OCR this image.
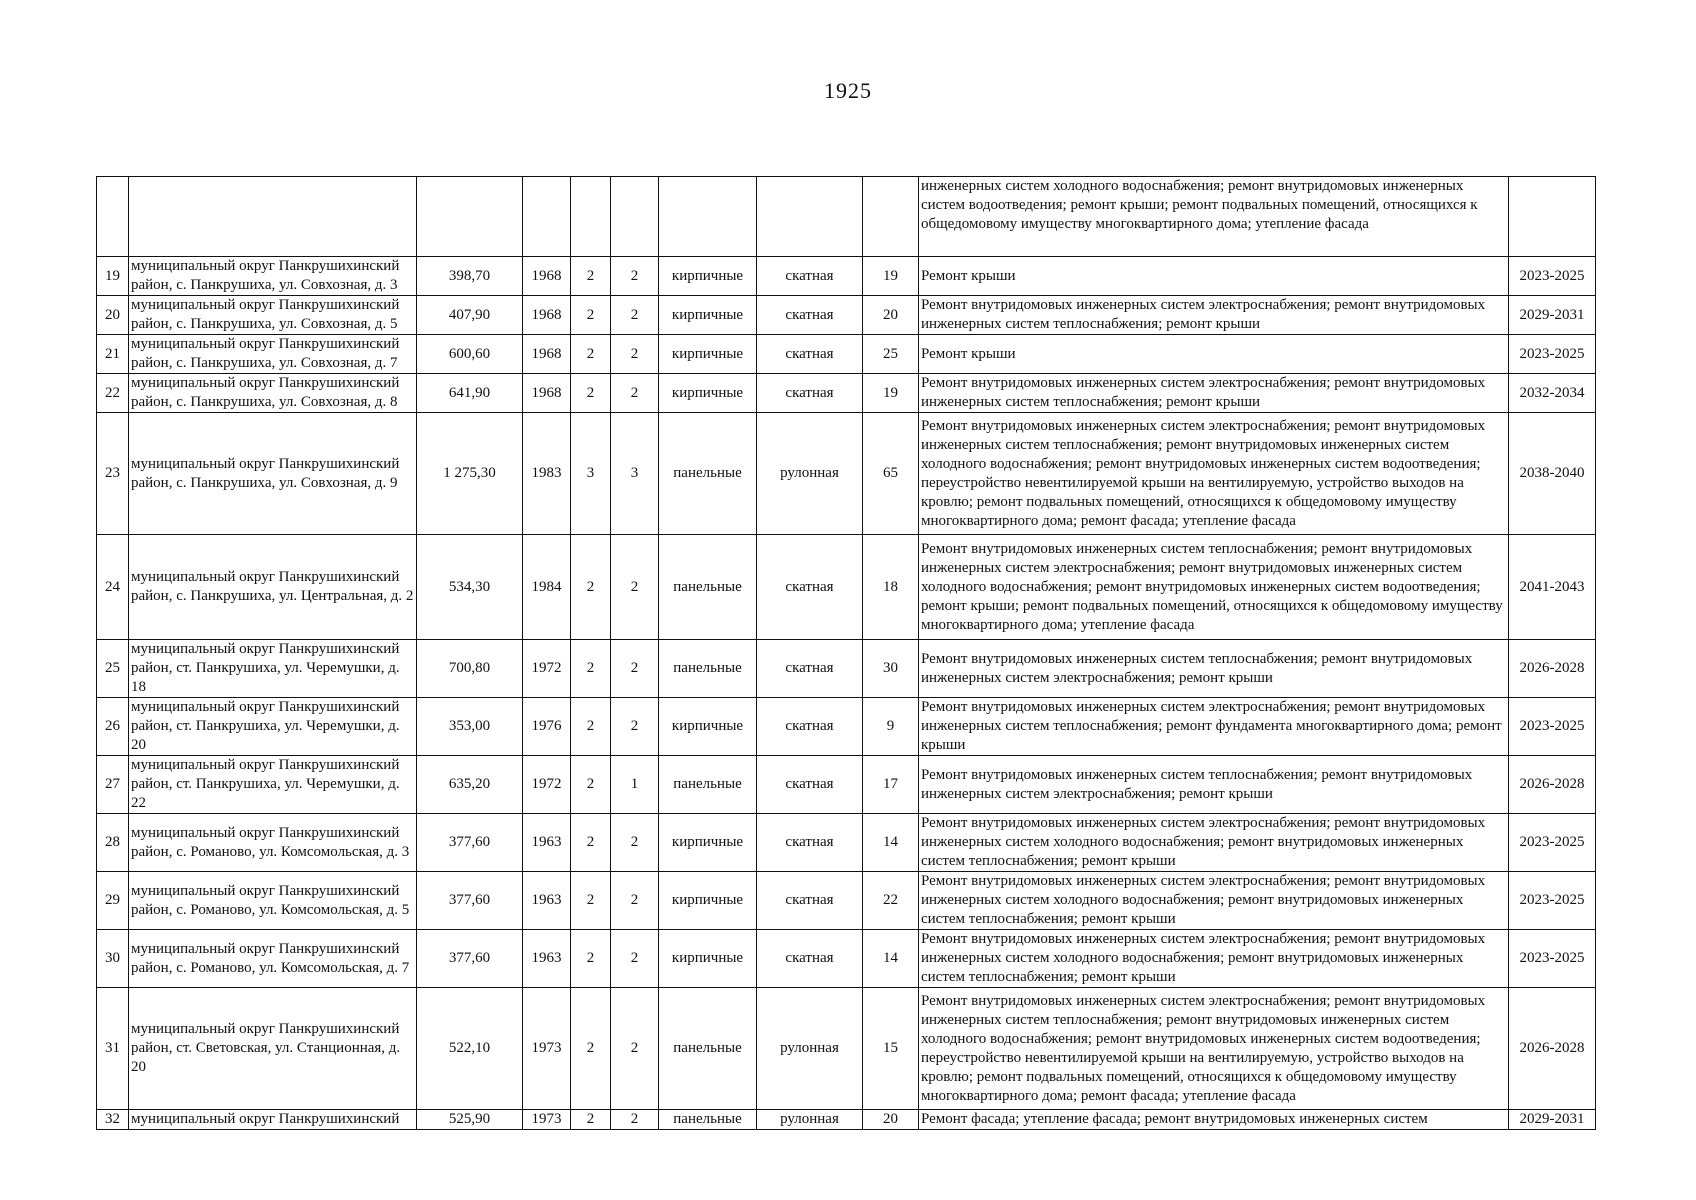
1925
									инженерных систем холодного водоснабжения; ремонт внутридомовых инженерных систем водоотведения; ремонт крыши; ремонт подвальных помещений, относящихся к общедомовому имуществу многоквартирного дома; утепление фасада	
19	муниципальный округ Панкрушихинский район, с. Панкрушиха, ул. Совхозная, д. 3	398,70	1968	2	2	кирпичные	скатная	19	Ремонт крыши	2023-2025
20	муниципальный округ Панкрушихинский район, с. Панкрушиха, ул. Совхозная, д. 5	407,90	1968	2	2	кирпичные	скатная	20	Ремонт внутридомовых инженерных систем электроснабжения; ремонт внутридомовых инженерных систем теплоснабжения; ремонт крыши	2029-2031
21	муниципальный округ Панкрушихинский район, с. Панкрушиха, ул. Совхозная, д. 7	600,60	1968	2	2	кирпичные	скатная	25	Ремонт крыши	2023-2025
22	муниципальный округ Панкрушихинский район, с. Панкрушиха, ул. Совхозная, д. 8	641,90	1968	2	2	кирпичные	скатная	19	Ремонт внутридомовых инженерных систем электроснабжения; ремонт внутридомовых инженерных систем теплоснабжения; ремонт крыши	2032-2034
23	муниципальный округ Панкрушихинский район, с. Панкрушиха, ул. Совхозная, д. 9	1 275,30	1983	3	3	панельные	рулонная	65	Ремонт внутридомовых инженерных систем электроснабжения; ремонт внутридомовых инженерных систем теплоснабжения; ремонт внутридомовых инженерных систем холодного водоснабжения; ремонт внутридомовых инженерных систем водоотведения; переустройство невентилируемой крыши на вентилируемую, устройство выходов на кровлю; ремонт подвальных помещений, относящихся к общедомовому имуществу многоквартирного дома; ремонт фасада; утепление фасада	2038-2040
24	муниципальный округ Панкрушихинский район, с. Панкрушиха, ул. Центральная, д. 2	534,30	1984	2	2	панельные	скатная	18	Ремонт внутридомовых инженерных систем теплоснабжения; ремонт внутридомовых инженерных систем электроснабжения; ремонт внутридомовых инженерных систем холодного водоснабжения; ремонт внутридомовых инженерных систем водоотведения; ремонт крыши; ремонт подвальных помещений, относящихся к общедомовому имуществу многоквартирного дома; утепление фасада	2041-2043
25	муниципальный округ Панкрушихинский район, ст. Панкрушиха, ул. Черемушки, д. 18	700,80	1972	2	2	панельные	скатная	30	Ремонт внутридомовых инженерных систем теплоснабжения; ремонт внутридомовых инженерных систем электроснабжения; ремонт крыши	2026-2028
26	муниципальный округ Панкрушихинский район, ст. Панкрушиха, ул. Черемушки, д. 20	353,00	1976	2	2	кирпичные	скатная	9	Ремонт внутридомовых инженерных систем электроснабжения; ремонт внутридомовых инженерных систем теплоснабжения; ремонт фундамента многоквартирного дома; ремонт крыши	2023-2025
27	муниципальный округ Панкрушихинский район, ст. Панкрушиха, ул. Черемушки, д. 22	635,20	1972	2	1	панельные	скатная	17	Ремонт внутридомовых инженерных систем теплоснабжения; ремонт внутридомовых инженерных систем электроснабжения; ремонт крыши	2026-2028
28	муниципальный округ Панкрушихинский район, с. Романово, ул. Комсомольская, д. 3	377,60	1963	2	2	кирпичные	скатная	14	Ремонт внутридомовых инженерных систем электроснабжения; ремонт внутридомовых инженерных систем холодного водоснабжения; ремонт внутридомовых инженерных систем теплоснабжения; ремонт крыши	2023-2025
29	муниципальный округ Панкрушихинский район, с. Романово, ул. Комсомольская, д. 5	377,60	1963	2	2	кирпичные	скатная	22	Ремонт внутридомовых инженерных систем электроснабжения; ремонт внутридомовых инженерных систем холодного водоснабжения; ремонт внутридомовых инженерных систем теплоснабжения; ремонт крыши	2023-2025
30	муниципальный округ Панкрушихинский район, с. Романово, ул. Комсомольская, д. 7	377,60	1963	2	2	кирпичные	скатная	14	Ремонт внутридомовых инженерных систем электроснабжения; ремонт внутридомовых инженерных систем холодного водоснабжения; ремонт внутридомовых инженерных систем теплоснабжения; ремонт крыши	2023-2025
31	муниципальный округ Панкрушихинский район, ст. Световская, ул. Станционная, д. 20	522,10	1973	2	2	панельные	рулонная	15	Ремонт внутридомовых инженерных систем электроснабжения; ремонт внутридомовых инженерных систем теплоснабжения; ремонт внутридомовых инженерных систем холодного водоснабжения; ремонт внутридомовых инженерных систем водоотведения; переустройство невентилируемой крыши на вентилируемую, устройство выходов на кровлю; ремонт подвальных помещений, относящихся к общедомовому имуществу многоквартирного дома; ремонт фасада; утепление фасада	2026-2028
32	муниципальный округ Панкрушихинский	525,90	1973	2	2	панельные	рулонная	20	Ремонт фасада; утепление фасада; ремонт внутридомовых инженерных систем	2029-2031
